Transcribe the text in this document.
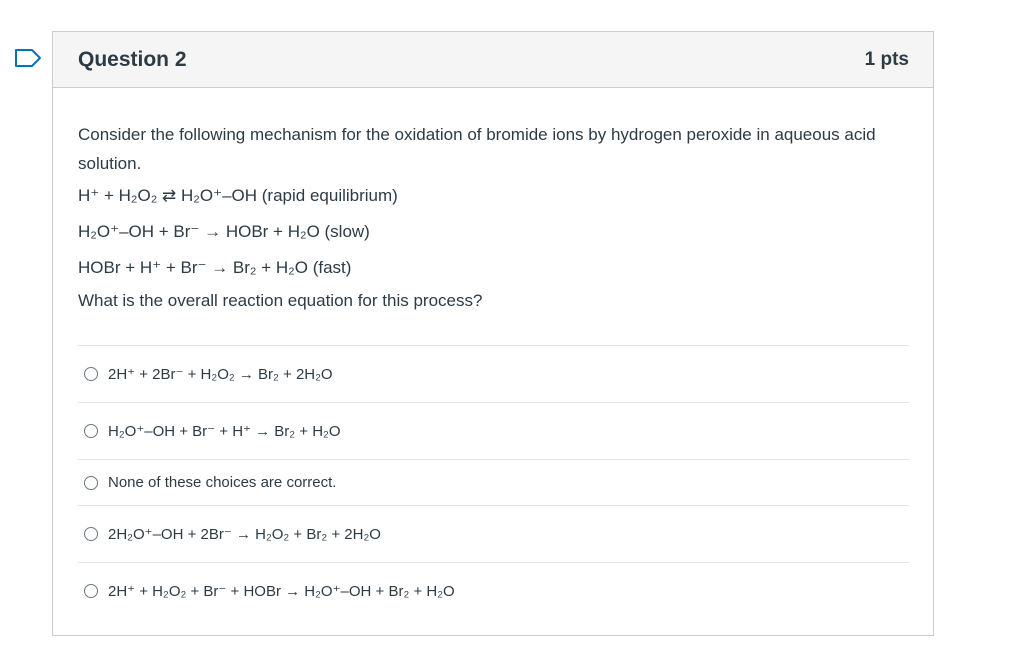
Question 2	1 pts
Consider the following mechanism for the oxidation of bromide ions by hydrogen peroxide in aqueous acid solution.
H⁺ + H₂O₂ ⇄ H₂O⁺–OH (rapid equilibrium)
H₂O⁺–OH + Br⁻ → HOBr + H₂O (slow)
HOBr + H⁺ + Br⁻ → Br₂ + H₂O (fast)
What is the overall reaction equation for this process?
2H⁺ + 2Br⁻ + H₂O₂ → Br₂ + 2H₂O
H₂O⁺–OH + Br⁻ + H⁺ → Br₂ + H₂O
None of these choices are correct.
2H₂O⁺–OH + 2Br⁻ → H₂O₂ + Br₂ + 2H₂O
2H⁺ + H₂O₂ + Br⁻ + HOBr → H₂O⁺–OH + Br₂ + H₂O
